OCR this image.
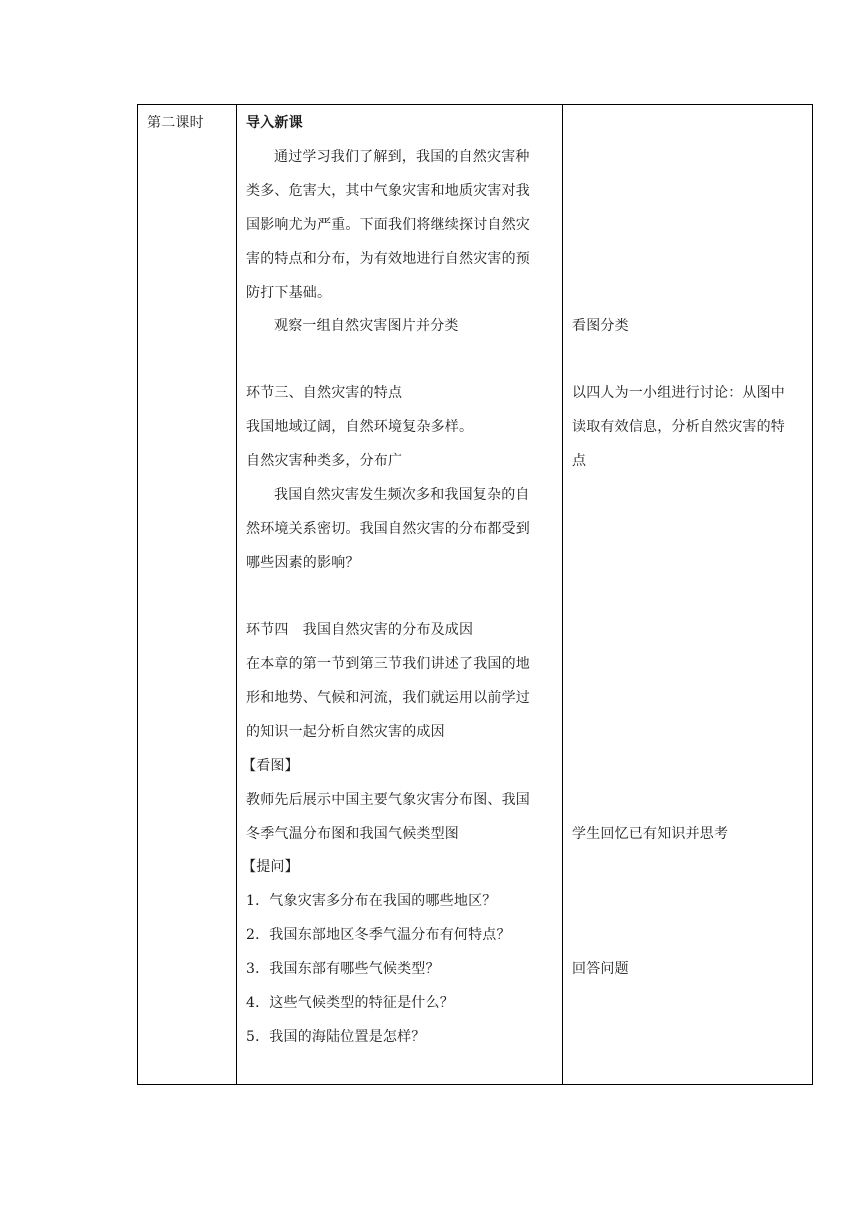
第二课时	导入新课
通过学习我们了解到，我国的自然灾害种
类多、危害大，其中气象灾害和地质灾害对我
国影响尤为严重。下面我们将继续探讨自然灾
害的特点和分布，为有效地进行自然灾害的预
防打下基础。
观察一组自然灾害图片并分类
环节三、自然灾害的特点
我国地域辽阔，自然环境复杂多样。
自然灾害种类多，分布广
我国自然灾害发生频次多和我国复杂的自
然环境关系密切。我国自然灾害的分布都受到
哪些因素的影响？
环节四　我国自然灾害的分布及成因
在本章的第一节到第三节我们讲述了我国的地
形和地势、气候和河流，我们就运用以前学过
的知识一起分析自然灾害的成因
【看图】
教师先后展示中国主要气象灾害分布图、我国
冬季气温分布图和我国气候类型图
【提问】
1．气象灾害多分布在我国的哪些地区？
2．我国东部地区冬季气温分布有何特点？
3．我国东部有哪些气候类型？
4．这些气候类型的特征是什么？
5．我国的海陆位置是怎样？
看图分类
以四人为一小组进行讨论：从图中
读取有效信息，分析自然灾害的特
点
学生回忆已有知识并思考
回答问题
